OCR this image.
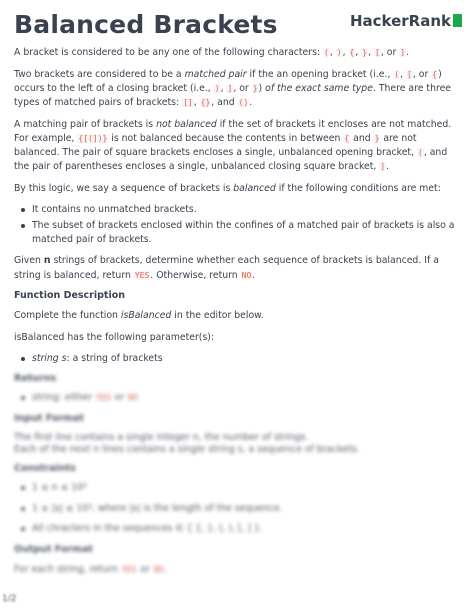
Balanced Brackets	HackerRank

A bracket is considered to be any one of the following characters: (, ), {, }, [, or ].

Two brackets are considered to be a matched pair if the an opening bracket (i.e., (, [, or {) occurs to the left of a closing bracket (i.e., ), ], or }) of the exact same type. There are three types of matched pairs of brackets: [], {}, and ().

A matching pair of brackets is not balanced if the set of brackets it encloses are not matched. For example, {[(])} is not balanced because the contents in between { and } are not balanced. The pair of square brackets encloses a single, unbalanced opening bracket, (, and the pair of parentheses encloses a single, unbalanced closing square bracket, ].

By this logic, we say a sequence of brackets is balanced if the following conditions are met:

It contains no unmatched brackets.
The subset of brackets enclosed within the confines of a matched pair of brackets is also a matched pair of brackets.

Given n strings of brackets, determine whether each sequence of brackets is balanced. If a string is balanced, return YES. Otherwise, return NO.

Function Description

Complete the function isBalanced in the editor below.

isBalanced has the following parameter(s):

string s: a string of brackets
Returns
string: either YES or NO
Input Format

The first line contains a single integer n, the number of strings.
Each of the next n lines contains a single string s, a sequence of brackets.

Constraints
1 ≤ n ≤ 10³
1 ≤ |s| ≤ 10³, where |s| is the length of the sequence.
All chracters in the sequences ∈ { {, }, (, ), [, ] }.
Output Format

For each string, return YES or NO.

1/2
